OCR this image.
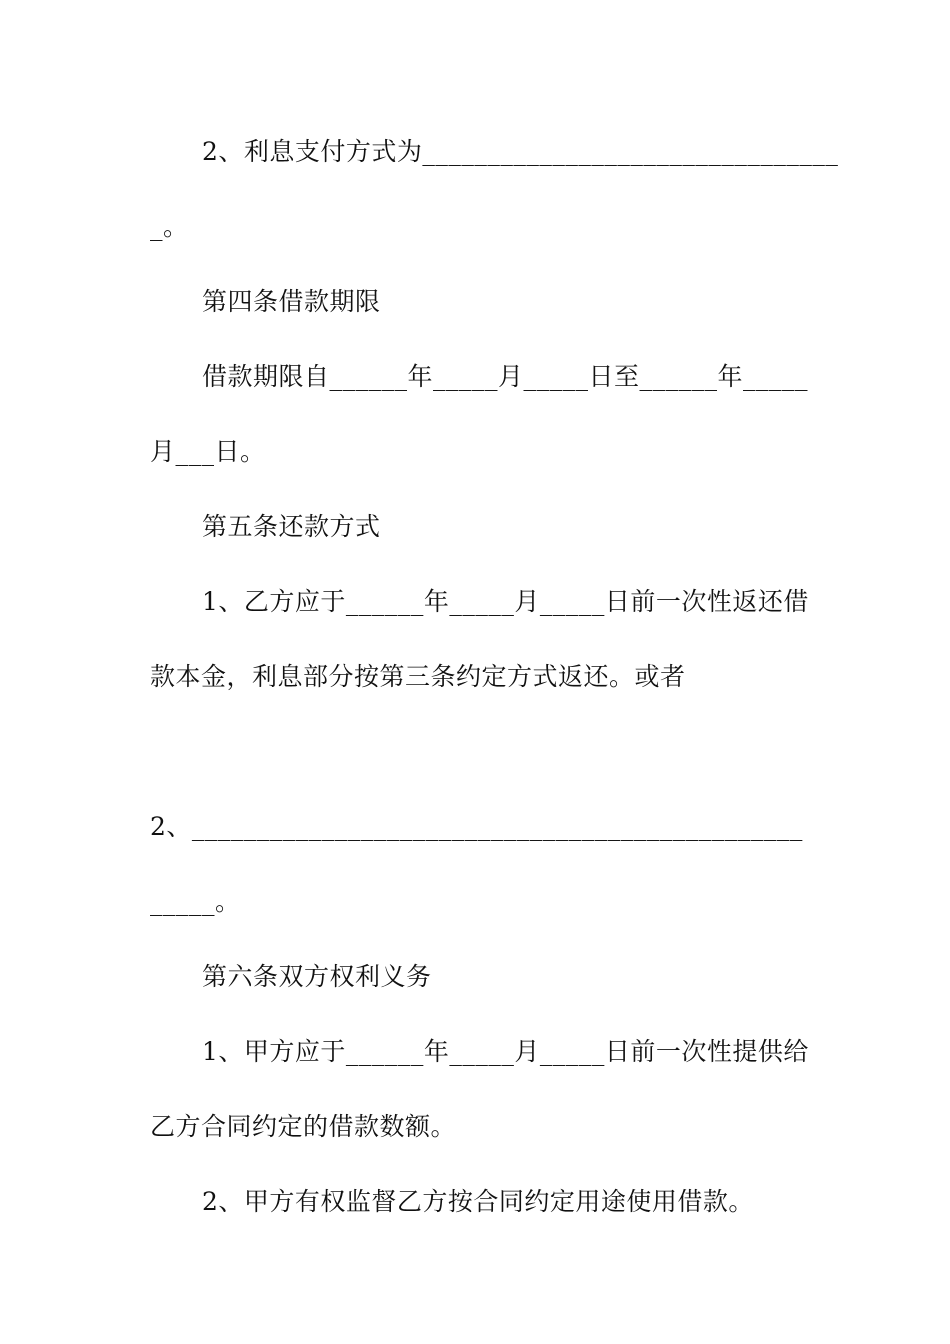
2、利息支付方式为________________________________
_。
第四条借款期限
借款期限自______年_____月_____日至______年_____
月___日。
第五条还款方式
1、乙方应于______年_____月_____日前一次性返还借
款本金，利息部分按第三条约定方式返还。或者
2、_______________________________________________
_____。
第六条双方权利义务
1、甲方应于______年_____月_____日前一次性提供给
乙方合同约定的借款数额。
2、甲方有权监督乙方按合同约定用途使用借款。
